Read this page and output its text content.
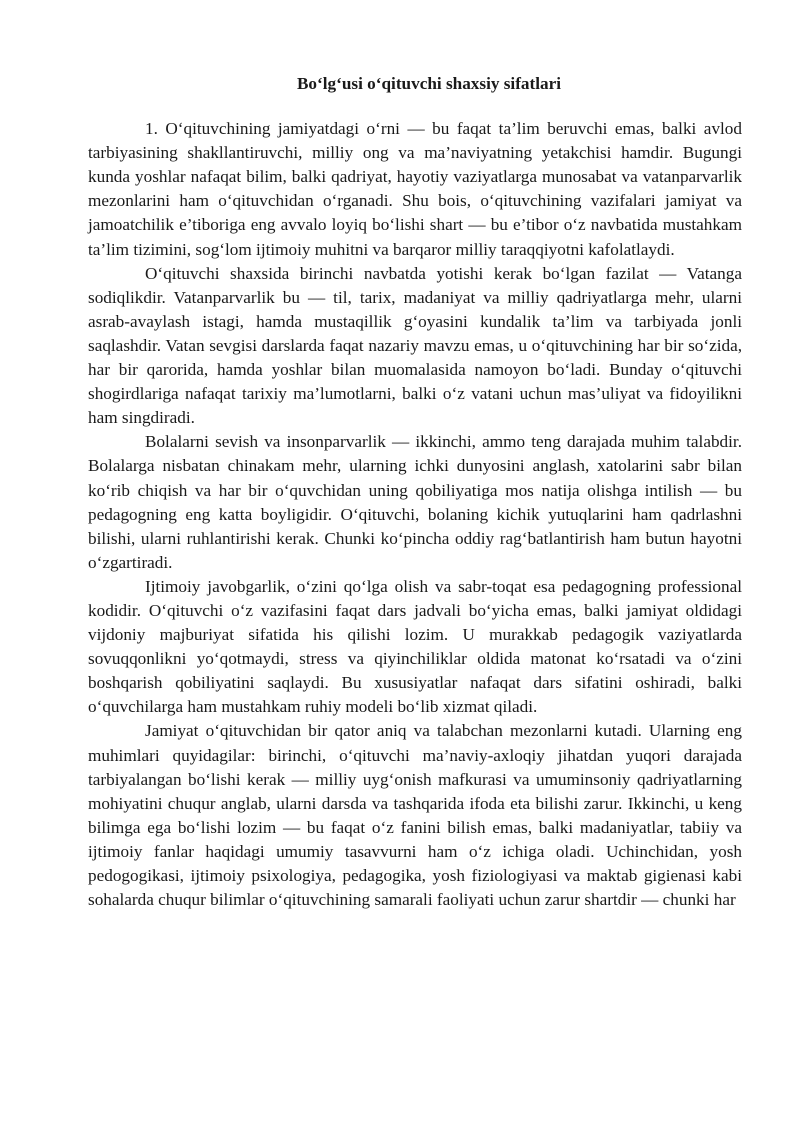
Bo‘lg‘usi o‘qituvchi shaxsiy sifatlari

1. O‘qituvchining jamiyatdagi o‘rni — bu faqat ta’lim beruvchi emas, balki avlod tarbiyasining shakllantiruvchi, milliy ong va ma’naviyatning yetakchisi hamdir. Bugungi kunda yoshlar nafaqat bilim, balki qadriyat, hayotiy vaziyatlarga munosabat va vatanparvarlik mezonlarini ham o‘qituvchidan o‘rganadi. Shu bois, o‘qituvchining vazifalari jamiyat va jamoatchilik e’tiboriga eng avvalo loyiq bo‘lishi shart — bu e’tibor o‘z navbatida mustahkam ta’lim tizimini, sog‘lom ijtimoiy muhitni va barqaror milliy taraqqiyotni kafolatlaydi.

O‘qituvchi shaxsida birinchi navbatda yotishi kerak bo‘lgan fazilat — Vatanga sodiqlikdir. Vatanparvarlik bu — til, tarix, madaniyat va milliy qadriyatlarga mehr, ularni asrab-avaylash istagi, hamda mustaqillik g‘oyasini kundalik ta’lim va tarbiyada jonli saqlashdir. Vatan sevgisi darslarda faqat nazariy mavzu emas, u o‘qituvchining har bir so‘zida, har bir qarorida, hamda yoshlar bilan muomalasida namoyon bo‘ladi. Bunday o‘qituvchi shogirdlariga nafaqat tarixiy ma’lumotlarni, balki o‘z vatani uchun mas’uliyat va fidoyilikni ham singdiradi.

Bolalarni sevish va insonparvarlik — ikkinchi, ammo teng darajada muhim talabdir. Bolalarga nisbatan chinakam mehr, ularning ichki dunyosini anglash, xatolarini sabr bilan ko‘rib chiqish va har bir o‘quvchidan uning qobiliyatiga mos natija olishga intilish — bu pedagogning eng katta boyligidir. O‘qituvchi, bolaning kichik yutuqlarini ham qadrlashni bilishi, ularni ruhlantirishi kerak. Chunki ko‘pincha oddiy rag‘batlantirish ham butun hayotni o‘zgartiradi.

Ijtimoiy javobgarlik, o‘zini qo‘lga olish va sabr-toqat esa pedagogning professional kodidir. O‘qituvchi o‘z vazifasini faqat dars jadvali bo‘yicha emas, balki jamiyat oldidagi vijdoniy majburiyat sifatida his qilishi lozim. U murakkab pedagogik vaziyatlarda sovuqqonlikni yo‘qotmaydi, stress va qiyinchiliklar oldida matonat ko‘rsatadi va o‘zini boshqarish qobiliyatini saqlaydi. Bu xususiyatlar nafaqat dars sifatini oshiradi, balki o‘quvchilarga ham mustahkam ruhiy modeli bo‘lib xizmat qiladi.

Jamiyat o‘qituvchidan bir qator aniq va talabchan mezonlarni kutadi. Ularning eng muhimlari quyidagilar: birinchi, o‘qituvchi ma’naviy-axloqiy jihatdan yuqori darajada tarbiyalangan bo‘lishi kerak — milliy uyg‘onish mafkurasi va umuminsoniy qadriyatlarning mohiyatini chuqur anglab, ularni darsda va tashqarida ifoda eta bilishi zarur. Ikkinchi, u keng bilimga ega bo‘lishi lozim — bu faqat o‘z fanini bilish emas, balki madaniyatlar, tabiiy va ijtimoiy fanlar haqidagi umumiy tasavvurni ham o‘z ichiga oladi. Uchinchidan, yosh pedogogikasi, ijtimoiy psixologiya, pedagogika, yosh fiziologiyasi va maktab gigienasi kabi sohalarda chuqur bilimlar o‘qituvchining samarali faoliyati uchun zarur shartdir — chunki har
